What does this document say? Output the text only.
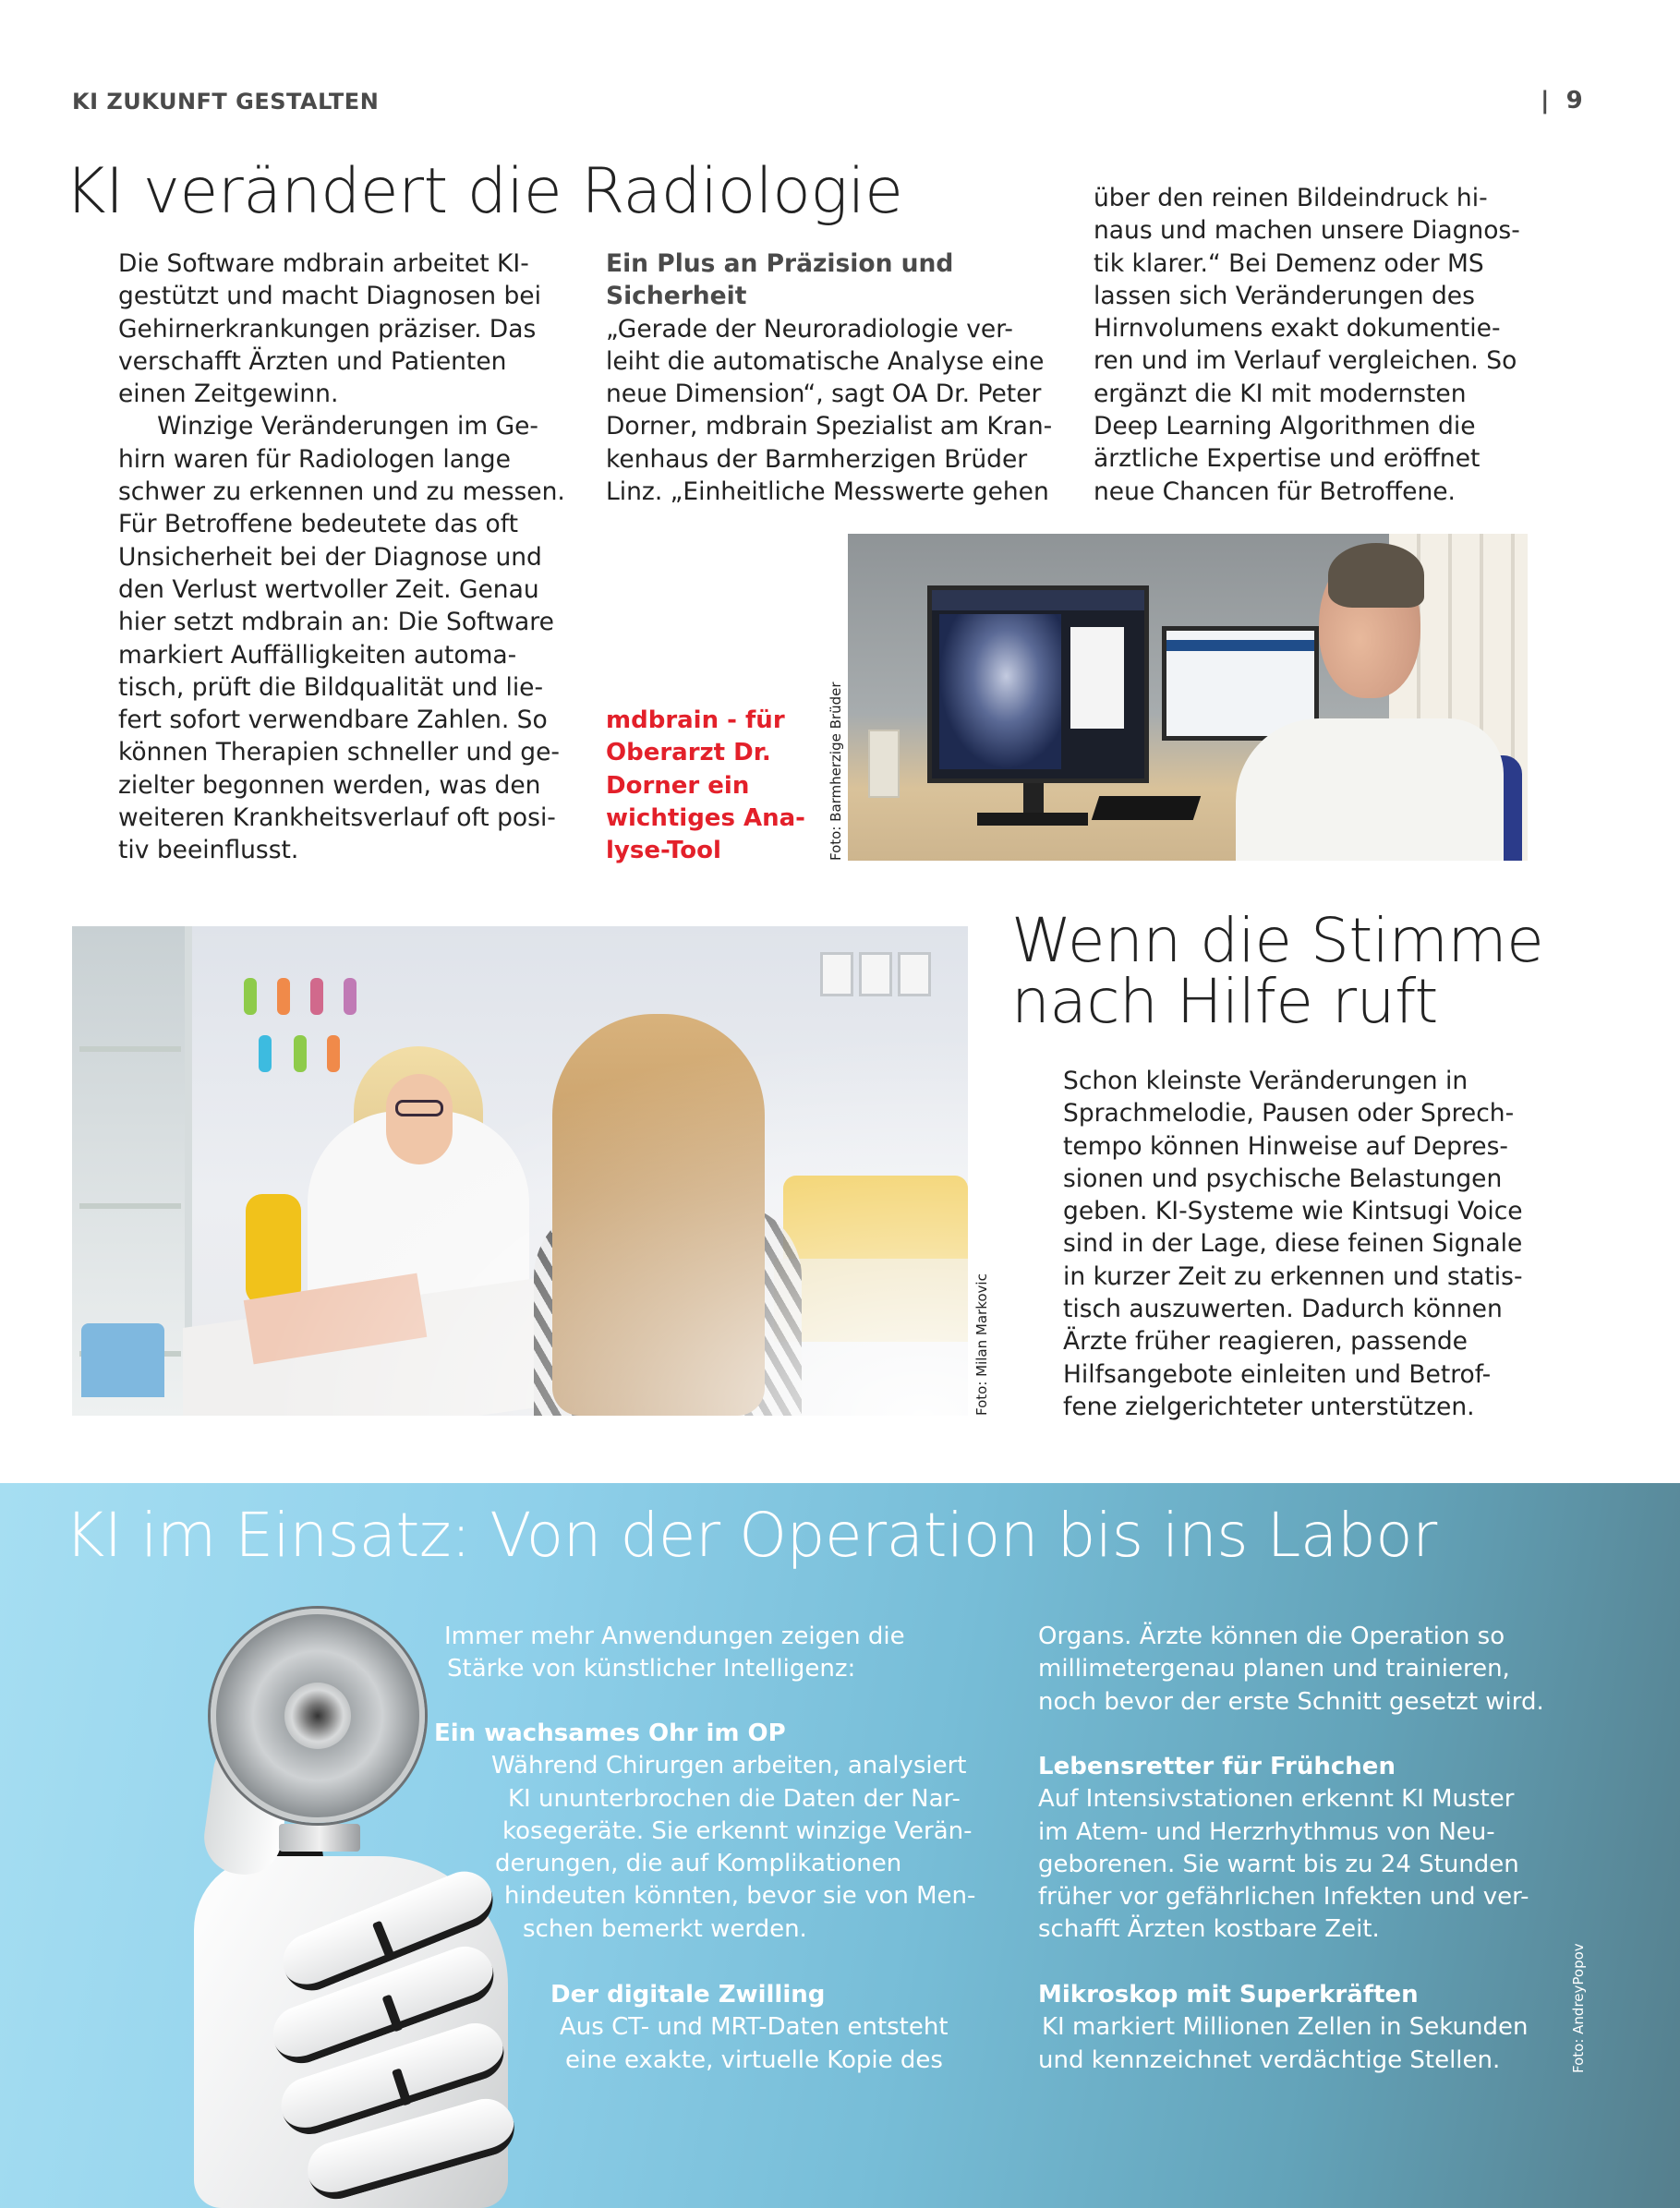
KI ZUKUNFT GESTALTEN	|  9
KI verändert die Radiologie
Die Software mdbrain arbeitet KI-
gestützt und macht Diagnosen bei
Gehirnerkrankungen präziser. Das
verschafft Ärzten und Patienten
einen Zeitgewinn.
Winzige Veränderungen im Ge-
hirn waren für Radiologen lange
schwer zu erkennen und zu messen.
Für Betroffene bedeutete das oft
Unsicherheit bei der Diagnose und
den Verlust wertvoller Zeit. Genau
hier setzt mdbrain an: Die Software
markiert Auffälligkeiten automa-
tisch, prüft die Bildqualität und lie-
fert sofort verwendbare Zahlen. So
können Therapien schneller und ge-
zielter begonnen werden, was den
weiteren Krankheitsverlauf oft posi-
tiv beeinflusst.
Ein Plus an Präzision und
Sicherheit
„Gerade der Neuroradiologie ver-
leiht die automatische Analyse eine
neue Dimension“, sagt OA Dr. Peter
Dorner, mdbrain Spezialist am Kran-
kenhaus der Barmherzigen Brüder
Linz. „Einheitliche Messwerte gehen
über den reinen Bildeindruck hi-
naus und machen unsere Diagnos-
tik klarer.“ Bei Demenz oder MS
lassen sich Veränderungen des
Hirnvolumens exakt dokumentie-
ren und im Verlauf vergleichen. So
ergänzt die KI mit modernsten
Deep Learning Algorithmen die
ärztliche Expertise und eröffnet
neue Chancen für Betroffene.
mdbrain - für
Oberarzt Dr.
Dorner ein
wichtiges Ana-
lyse-Tool	Foto: Barmherzige Brüder
Foto: Milan Markovic
Wenn die Stimme
nach Hilfe ruft
Schon kleinste Veränderungen in
Sprachmelodie, Pausen oder Sprech-
tempo können Hinweise auf Depres-
sionen und psychische Belastungen
geben. KI-Systeme wie Kintsugi Voice
sind in der Lage, diese feinen Signale
in kurzer Zeit zu erkennen und statis-
tisch auszuwerten. Dadurch können
Ärzte früher reagieren, passende
Hilfsangebote einleiten und Betrof-
fene zielgerichteter unterstützen.
KI im Einsatz: Von der Operation bis ins Labor
Immer mehr Anwendungen zeigen die
Stärke von künstlicher Intelligenz:
Ein wachsames Ohr im OP
Während Chirurgen arbeiten, analysiert
KI ununterbrochen die Daten der Nar-
kosegeräte. Sie erkennt winzige Verän-
derungen, die auf Komplikationen
hindeuten könnten, bevor sie von Men-
schen bemerkt werden.
Der digitale Zwilling
Aus CT- und MRT-Daten entsteht
eine exakte, virtuelle Kopie des
Organs. Ärzte können die Operation so
millimetergenau planen und trainieren,
noch bevor der erste Schnitt gesetzt wird.
Lebensretter für Frühchen
Auf Intensivstationen erkennt KI Muster
im Atem- und Herzrhythmus von Neu-
geborenen. Sie warnt bis zu 24 Stunden
früher vor gefährlichen Infekten und ver-
schafft Ärzten kostbare Zeit.
Mikroskop mit Superkräften
KI markiert Millionen Zellen in Sekunden
und kennzeichnet verdächtige Stellen.	Foto: AndreyPopov
